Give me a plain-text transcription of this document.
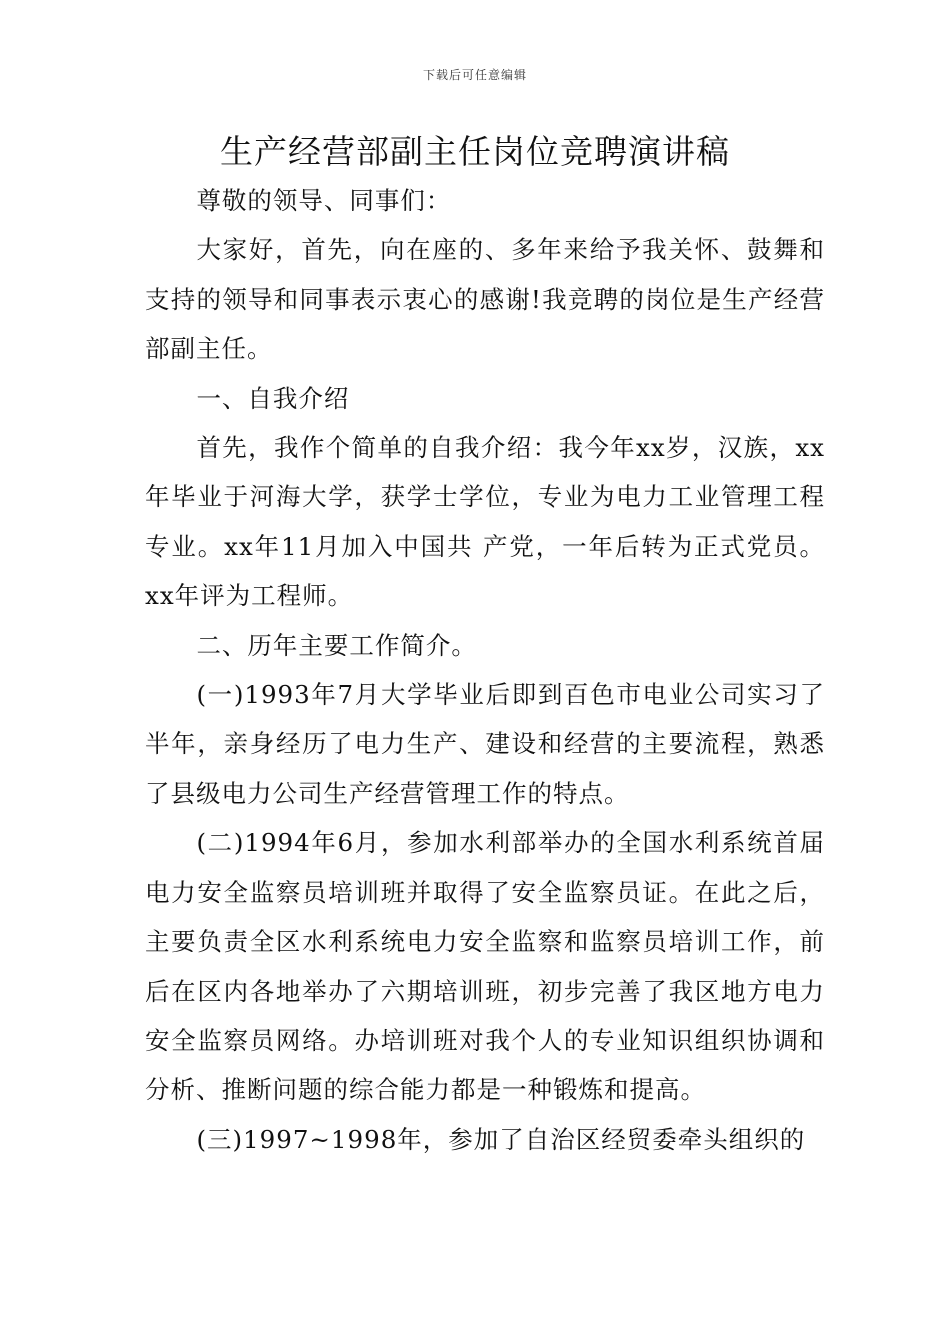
下载后可任意编辑
生产经营部副主任岗位竞聘演讲稿

尊敬的领导、同事们：

大家好，首先，向在座的、多年来给予我关怀、鼓舞和支持的领导和同事表示衷心的感谢!我竞聘的岗位是生产经营部副主任。

一、自我介绍

首先，我作个简单的自我介绍：我今年xx岁，汉族，xx年毕业于河海大学，获学士学位，专业为电力工业管理工程专业。xx年11月加入中国共 产党，一年后转为正式党员。xx年评为工程师。

二、历年主要工作简介。

(一)1993年7月大学毕业后即到百色市电业公司实习了半年，亲身经历了电力生产、建设和经营的主要流程，熟悉了县级电力公司生产经营管理工作的特点。

(二)1994年6月，参加水利部举办的全国水利系统首届电力安全监察员培训班并取得了安全监察员证。在此之后，主要负责全区水利系统电力安全监察和监察员培训工作，前后在区内各地举办了六期培训班，初步完善了我区地方电力安全监察员网络。办培训班对我个人的专业知识组织协调和分析、推断问题的综合能力都是一种锻炼和提高。

(三)1997~1998年，参加了自治区经贸委牵头组织的
